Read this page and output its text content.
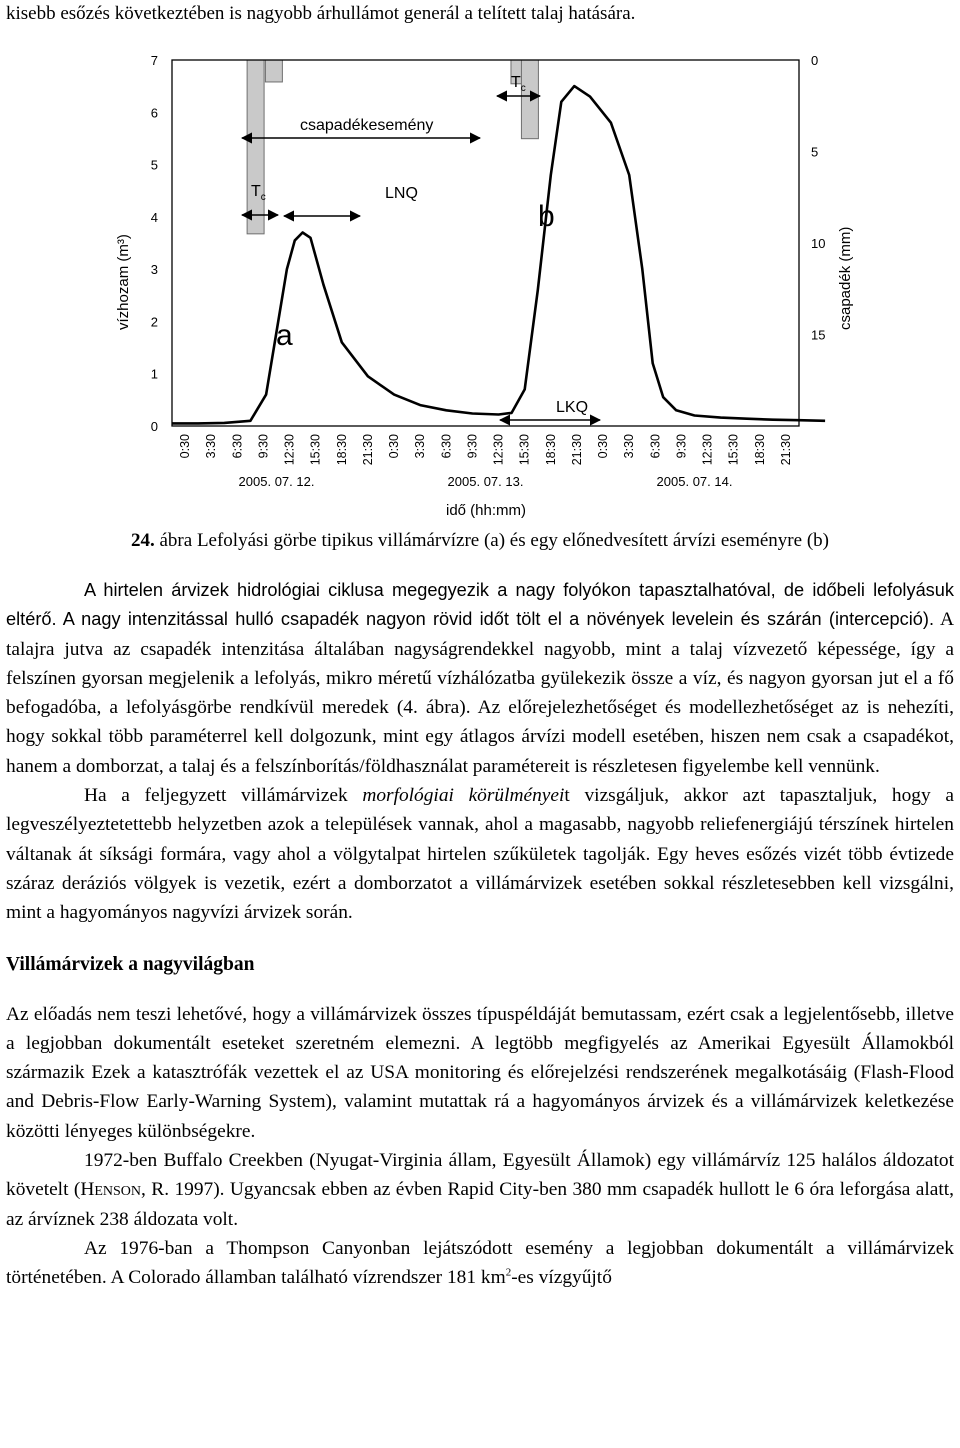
kisebb esőzés következtében is nagyobb árhullámot generál a telített talaj hatására.
0
1
2
3
4
5
6
7	0
5
10
15
0:30 3:30 6:30 9:30 12:30 15:30 18:30 21:30 0:30 3:30 6:30 9:30 12:30 15:30 18:30 21:30 0:30 3:30 6:30 9:30 12:30 15:30 18:30 21:30
2005. 07. 12.	2005. 07. 13.	2005. 07. 14.
csapadékesemény
$T_c$
$T_c$
LNQ
LKQ
a
b
vízhozam (m³)	csapadék (mm)
idő (hh:mm)
24. ábra Lefolyási görbe tipikus villámárvízre (a) és egy előnedvesített árvízi eseményre (b)

A hirtelen árvizek hidrológiai ciklusa megegyezik a nagy folyókon tapasztalhatóval, de időbeli lefolyásuk eltérő. A nagy intenzitással hulló csapadék nagyon rövid időt tölt el a növények levelein és szárán (intercepció). A talajra jutva az csapadék intenzitása általában nagyságrendekkel nagyobb, mint a talaj vízvezető képessége, így a felszínen gyorsan megjelenik a lefolyás, mikro méretű vízhálózatba gyülekezik össze a víz, és nagyon gyorsan jut el a fő befogadóba, a lefolyásgörbe rendkívül meredek (4. ábra). Az előrejelezhetőséget és modellezhetőséget az is nehezíti, hogy sokkal több paraméterrel kell dolgozunk, mint egy átlagos árvízi modell esetében, hiszen nem csak a csapadékot, hanem a domborzat, a talaj és a felszínborítás/földhasználat paramétereit is részletesen figyelembe kell vennünk.

Ha a feljegyzett villámárvizek morfológiai körülményeit vizsgáljuk, akkor azt tapasztaljuk, hogy a legveszélyeztetettebb helyzetben azok a települések vannak, ahol a magasabb, nagyobb reliefenergiájú térszínek hirtelen váltanak át síksági formára, vagy ahol a völgytalpat hirtelen szűkületek tagolják. Egy heves esőzés vizét több évtizede száraz deráziós völgyek is vezetik, ezért a domborzatot a villámárvizek esetében sokkal részletesebben kell vizsgálni, mint a hagyományos nagyvízi árvizek során.

Villámárvizek a nagyvilágban

Az előadás nem teszi lehetővé, hogy a villámárvizek összes típuspéldáját bemutassam, ezért csak a legjelentősebb, illetve a legjobban dokumentált eseteket szeretném elemezni. A legtöbb megfigyelés az Amerikai Egyesült Államokból származik Ezek a katasztrófák vezettek el az USA monitoring és előrejelzési rendszerének megalkotásáig (Flash-Flood and Debris-Flow Early-Warning System), valamint mutattak rá a hagyományos árvizek és a villámárvizek keletkezése közötti lényeges különbségekre.

1972-ben Buffalo Creekben (Nyugat-Virginia állam, Egyesült Államok) egy villámárvíz 125 halálos áldozatot követelt (Henson, R. 1997). Ugyancsak ebben az évben Rapid City-ben 380 mm csapadék hullott le 6 óra leforgása alatt, az árvíznek 238 áldozata volt.

Az 1976-ban a Thompson Canyonban lejátszódott esemény a legjobban dokumentált a villámárvizek történetében. A Colorado államban található vízrendszer 181 $km^2-es$ vízgyűjtő
